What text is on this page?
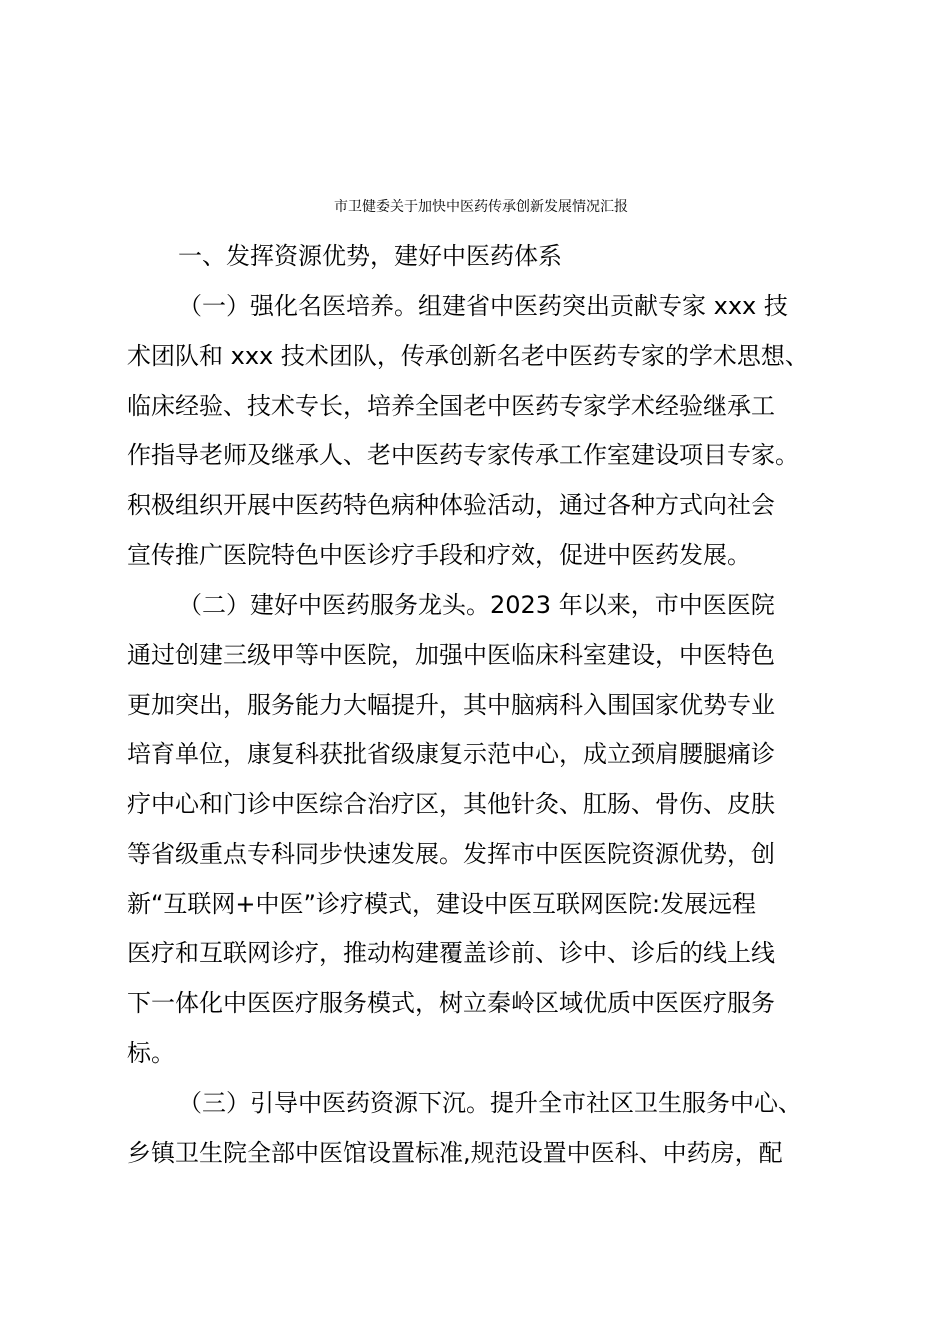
市卫健委关于加快中医药传承创新发展情况汇报
一、发挥资源优势，建好中医药体系
（一）强化名医培养。组建省中医药突出贡献专家 xxx 技
术团队和 xxx 技术团队，传承创新名老中医药专家的学术思想、
临床经验、技术专长，培养全国老中医药专家学术经验继承工
作指导老师及继承人、老中医药专家传承工作室建设项目专家。
积极组织开展中医药特色病种体验活动，通过各种方式向社会
宣传推广医院特色中医诊疗手段和疗效，促进中医药发展。
（二）建好中医药服务龙头。2023 年以来，市中医医院
通过创建三级甲等中医院，加强中医临床科室建设，中医特色
更加突出，服务能力大幅提升，其中脑病科入围国家优势专业
培育单位，康复科获批省级康复示范中心，成立颈肩腰腿痛诊
疗中心和门诊中医综合治疗区，其他针灸、肛肠、骨伤、皮肤
等省级重点专科同步快速发展。发挥市中医医院资源优势，创
新“互联网+中医”诊疗模式，建设中医互联网医院:发展远程
医疗和互联网诊疗，推动构建覆盖诊前、诊中、诊后的线上线
下一体化中医医疗服务模式，树立秦岭区域优质中医医疗服务
标。
（三）引导中医药资源下沉。提升全市社区卫生服务中心、
乡镇卫生院全部中医馆设置标准,规范设置中医科、中药房，配
